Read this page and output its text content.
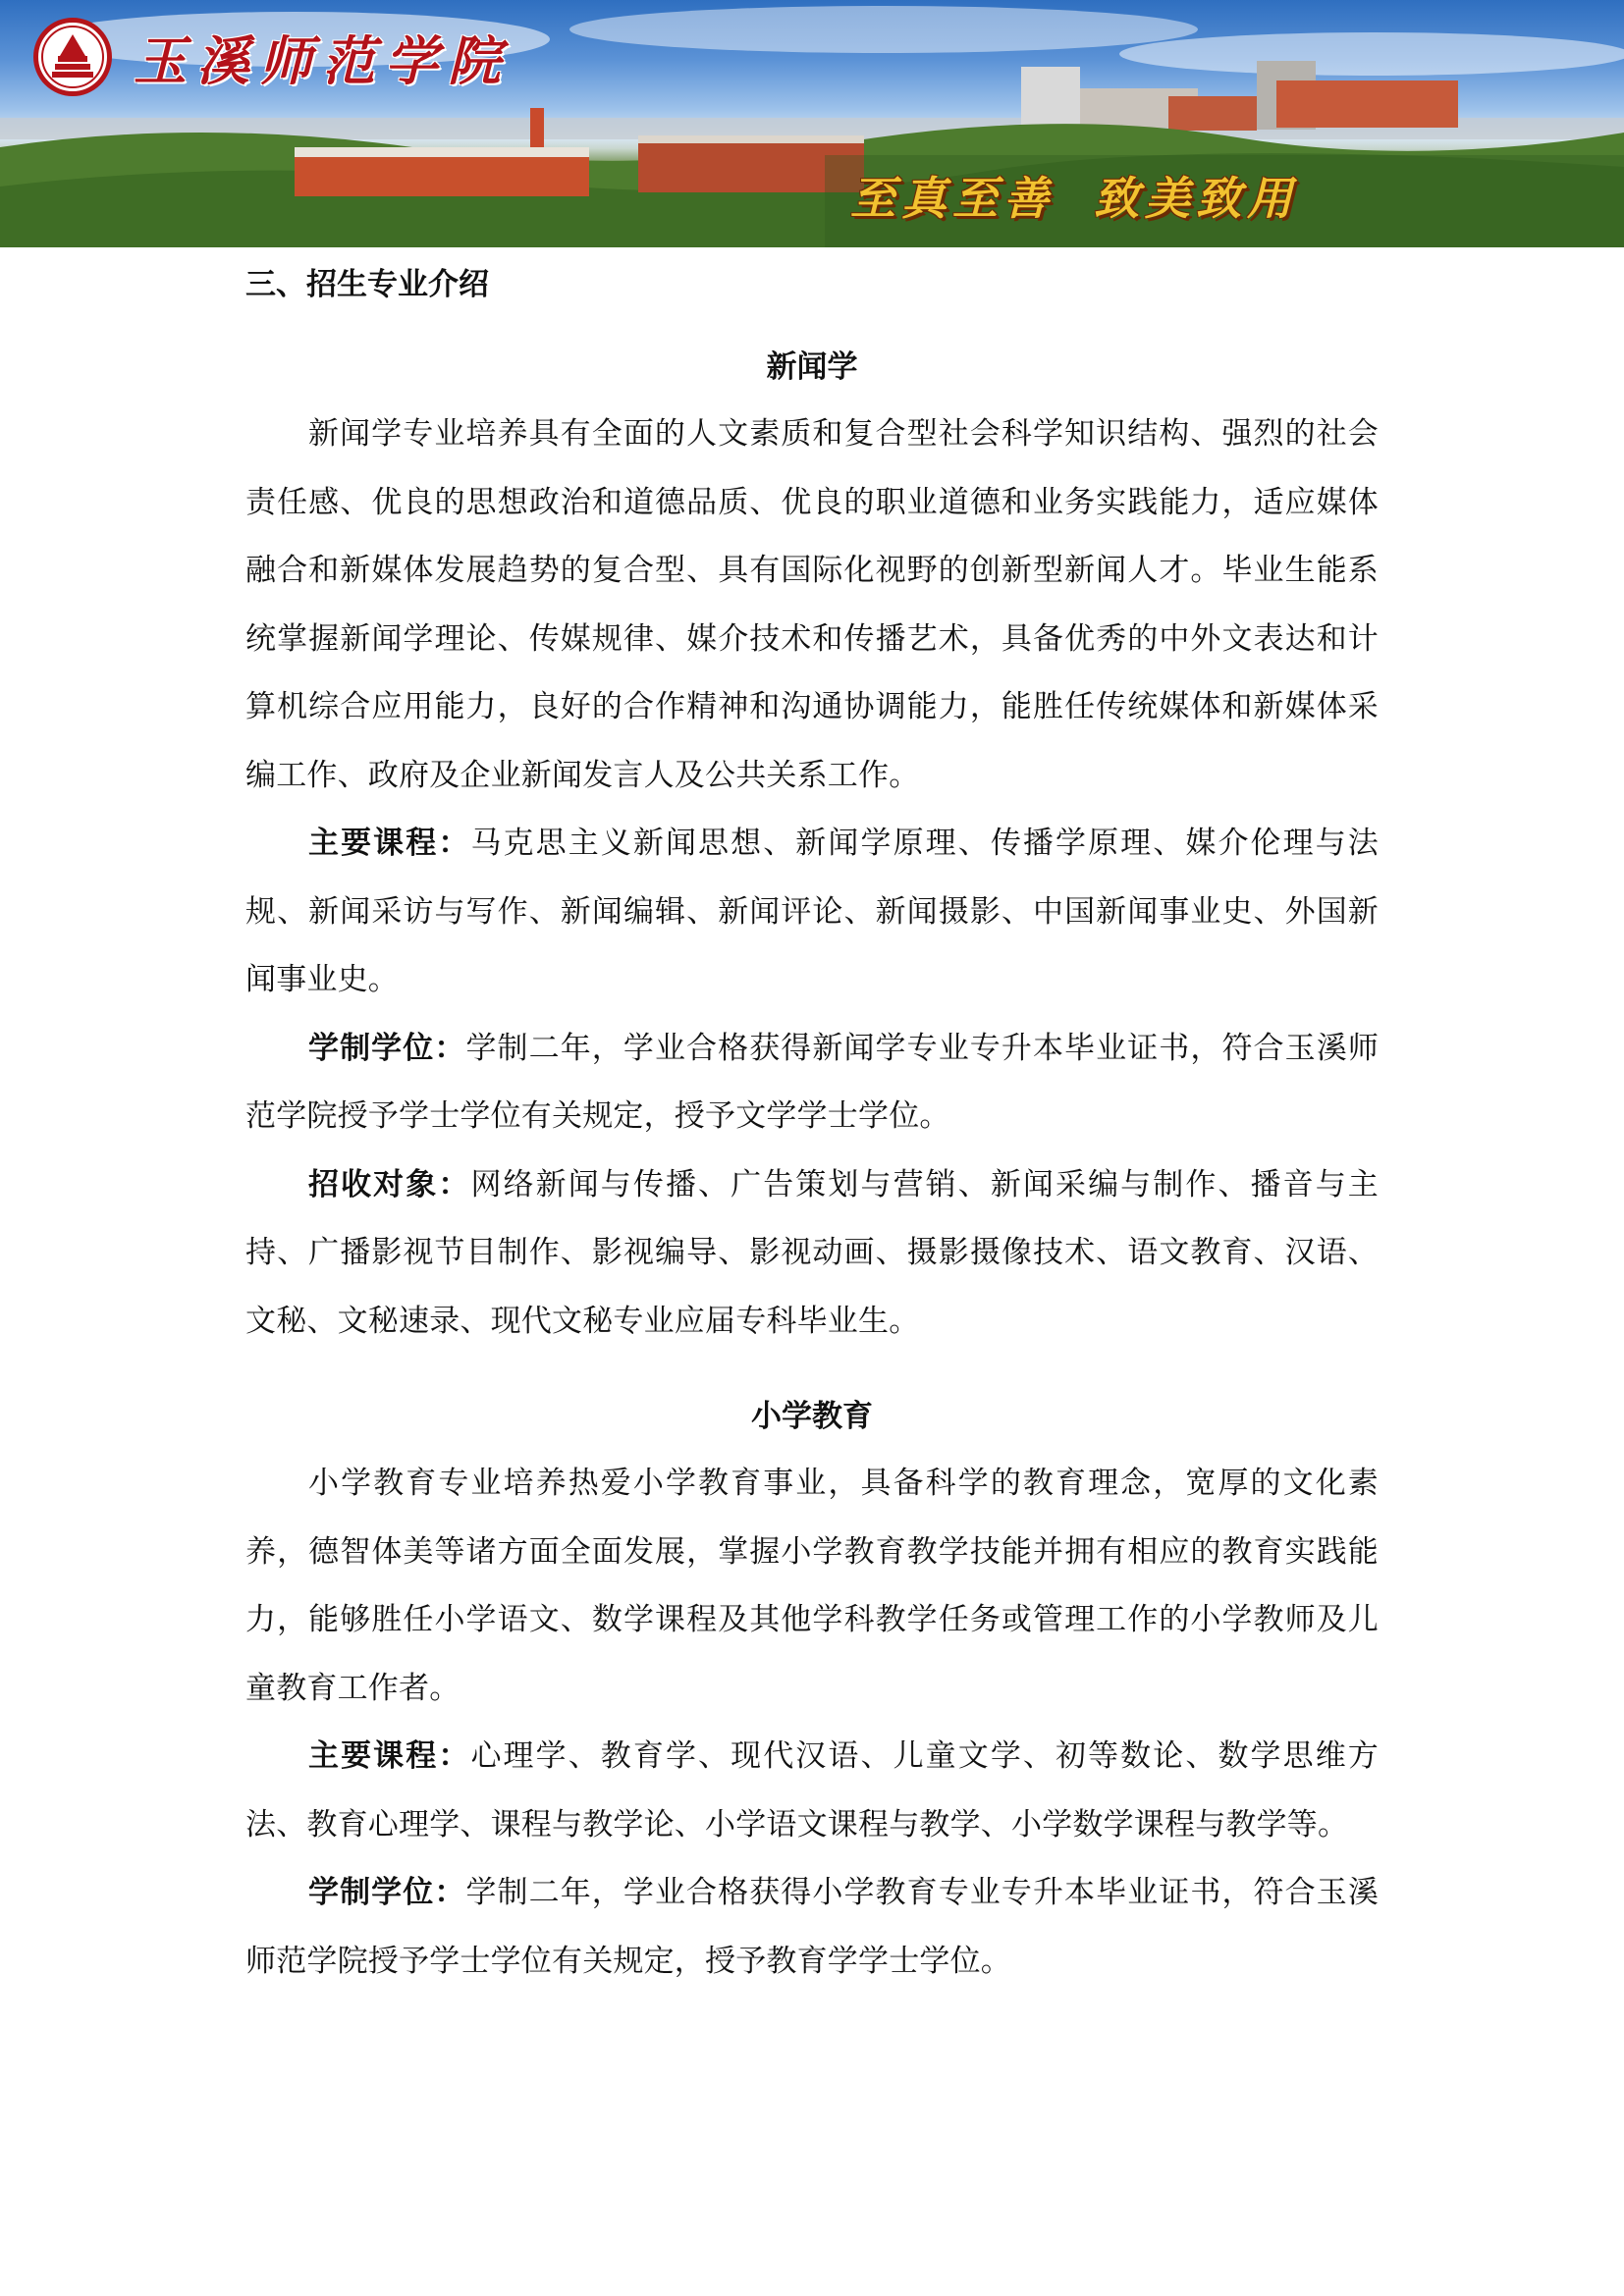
玉溪师范学院
至真至善 致美致用
三、招生专业介绍
新闻学

新闻学专业培养具有全面的人文素质和复合型社会科学知识结构、强烈的社会责任感、优良的思想政治和道德品质、优良的职业道德和业务实践能力，适应媒体融合和新媒体发展趋势的复合型、具有国际化视野的创新型新闻人才。毕业生能系统掌握新闻学理论、传媒规律、媒介技术和传播艺术，具备优秀的中外文表达和计算机综合应用能力，良好的合作精神和沟通协调能力，能胜任传统媒体和新媒体采编工作、政府及企业新闻发言人及公共关系工作。

主要课程：马克思主义新闻思想、新闻学原理、传播学原理、媒介伦理与法规、新闻采访与写作、新闻编辑、新闻评论、新闻摄影、中国新闻事业史、外国新闻事业史。

学制学位：学制二年，学业合格获得新闻学专业专升本毕业证书，符合玉溪师范学院授予学士学位有关规定，授予文学学士学位。

招收对象：网络新闻与传播、广告策划与营销、新闻采编与制作、播音与主持、广播影视节目制作、影视编导、影视动画、摄影摄像技术、语文教育、汉语、文秘、文秘速录、现代文秘专业应届专科毕业生。

小学教育

小学教育专业培养热爱小学教育事业，具备科学的教育理念，宽厚的文化素养，德智体美等诸方面全面发展，掌握小学教育教学技能并拥有相应的教育实践能力，能够胜任小学语文、数学课程及其他学科教学任务或管理工作的小学教师及儿童教育工作者。

主要课程：心理学、教育学、现代汉语、儿童文学、初等数论、数学思维方法、教育心理学、课程与教学论、小学语文课程与教学、小学数学课程与教学等。

学制学位：学制二年，学业合格获得小学教育专业专升本毕业证书，符合玉溪师范学院授予学士学位有关规定，授予教育学学士学位。
